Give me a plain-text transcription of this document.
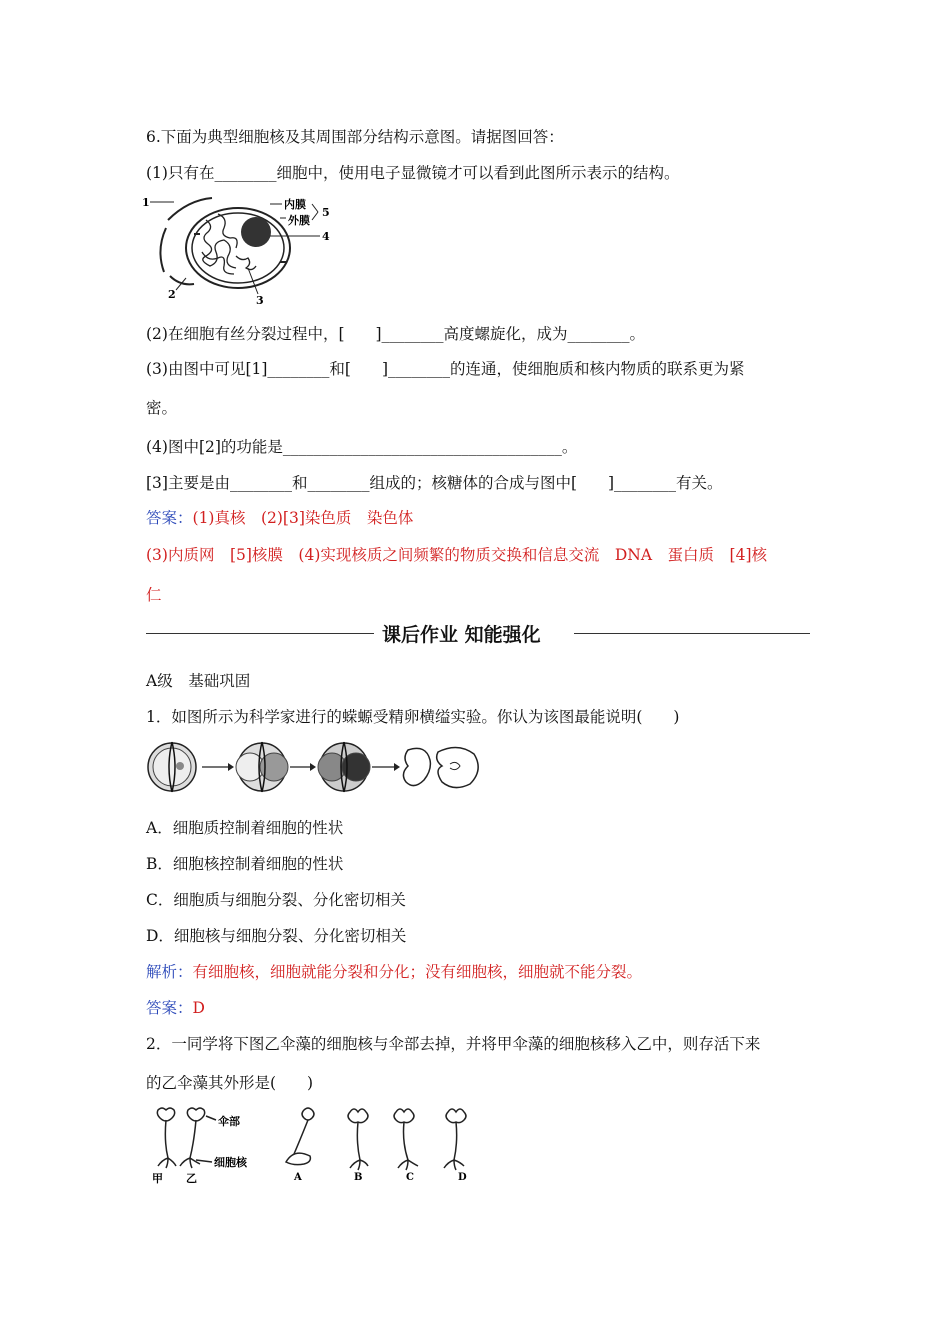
6.下面为典型细胞核及其周围部分结构示意图。请据图回答：
(1)只有在________细胞中，使用电子显微镜才可以看到此图所示表示的结构。
1
2	3
4
5
内膜
外膜
(2)在细胞有丝分裂过程中，[　　]________高度螺旋化，成为________。
(3)由图中可见[1]________和[　　]________的连通，使细胞质和核内物质的联系更为紧
密。
(4)图中[2]的功能是____________________________________。
[3]主要是由________和________组成的；核糖体的合成与图中[　　]________有关。
答案：(1)真核　(2)[3]染色质　染色体
(3)内质网　[5]核膜　(4)实现核质之间频繁的物质交换和信息交流　DNA　蛋白质　[4]核
仁
课后作业 知能强化
A级　基础巩固
1．如图所示为科学家进行的蝾螈受精卵横缢实验。你认为该图最能说明(　　)
A．细胞质控制着细胞的性状
B．细胞核控制着细胞的性状
C．细胞质与细胞分裂、分化密切相关
D．细胞核与细胞分裂、分化密切相关
解析：有细胞核，细胞就能分裂和分化；没有细胞核，细胞就不能分裂。
答案：D
2．一同学将下图乙伞藻的细胞核与伞部去掉，并将甲伞藻的细胞核移入乙中，则存活下来
的乙伞藻其外形是(　　)
伞部
细胞核
甲 乙	A	B	C	D
